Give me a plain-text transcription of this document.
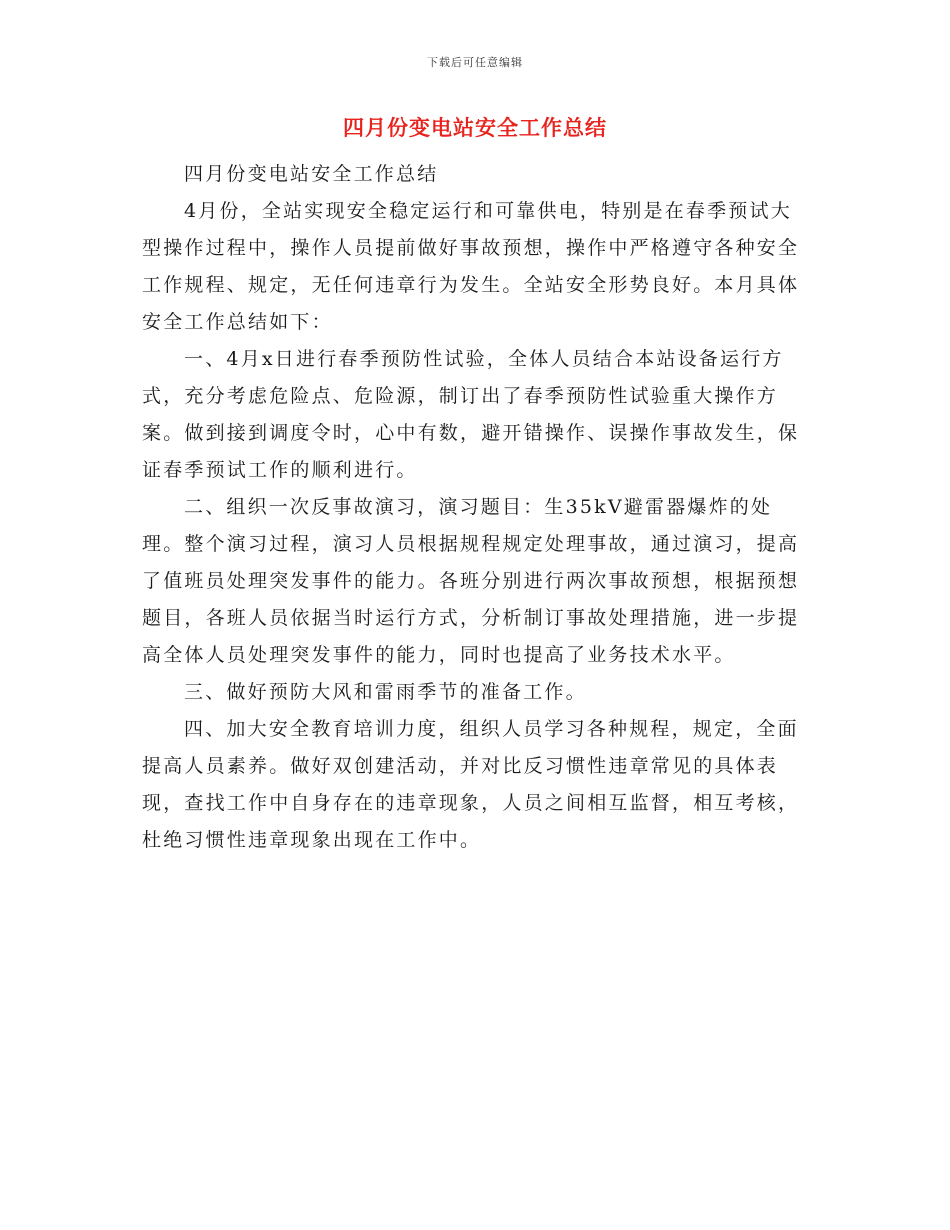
下载后可任意编辑
四月份变电站安全工作总结

四月份变电站安全工作总结

4月份，全站实现安全稳定运行和可靠供电，特别是在春季预试大型操作过程中，操作人员提前做好事故预想，操作中严格遵守各种安全工作规程、规定，无任何违章行为发生。全站安全形势良好。本月具体安全工作总结如下：

一、4月x日进行春季预防性试验，全体人员结合本站设备运行方式，充分考虑危险点、危险源，制订出了春季预防性试验重大操作方案。做到接到调度令时，心中有数，避开错操作、误操作事故发生，保证春季预试工作的顺利进行。

二、组织一次反事故演习，演习题目：生35kV避雷器爆炸的处理。整个演习过程，演习人员根据规程规定处理事故，通过演习，提高了值班员处理突发事件的能力。各班分别进行两次事故预想，根据预想题目，各班人员依据当时运行方式，分析制订事故处理措施，进一步提高全体人员处理突发事件的能力，同时也提高了业务技术水平。

三、做好预防大风和雷雨季节的准备工作。

四、加大安全教育培训力度，组织人员学习各种规程，规定，全面提高人员素养。做好双创建活动，并对比反习惯性违章常见的具体表现，查找工作中自身存在的违章现象，人员之间相互监督，相互考核，杜绝习惯性违章现象出现在工作中。
